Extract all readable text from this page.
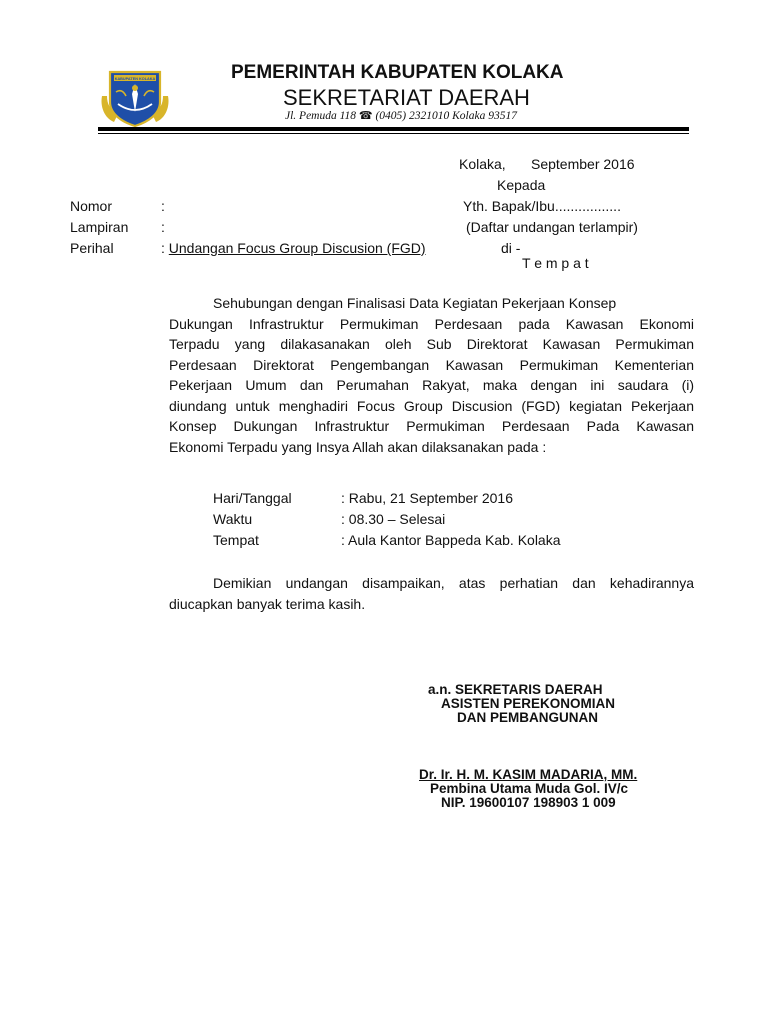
KABUPATEN KOLAKA	PEMERINTAH KABUPATEN KOLAKA
SEKRETARIAT DAERAH
Jl. Pemuda 118 ☎ (0405) 2321010 Kolaka 93517
Kolaka, September 2016
Kepada
Yth. Bapak/Ibu.................
(Daftar undangan terlampir)
di -
T e m p a t
Nomor	:
Lampiran :
Perihal	: Undangan Focus Group Discusion (FGD)
Sehubungan dengan Finalisasi Data Kegiatan Pekerjaan Konsep
Dukungan Infrastruktur Permukiman Perdesaan pada Kawasan Ekonomi
Terpadu yang dilakasanakan oleh Sub Direktorat Kawasan Permukiman
Perdesaan Direktorat Pengembangan Kawasan Permukiman Kementerian
Pekerjaan Umum dan Perumahan Rakyat, maka dengan ini saudara (i)
diundang untuk menghadiri Focus Group Discusion (FGD) kegiatan Pekerjaan
Konsep Dukungan Infrastruktur Permukiman Perdesaan Pada Kawasan
Ekonomi Terpadu yang Insya Allah akan dilaksanakan pada :
Hari/Tanggal	: Rabu, 21 September 2016
Waktu	: 08.30 – Selesai
Tempat	: Aula Kantor Bappeda Kab. Kolaka
Demikian undangan disampaikan, atas perhatian dan kehadirannya
diucapkan banyak terima kasih.
a.n. SEKRETARIS DAERAH
ASISTEN PEREKONOMIAN
DAN PEMBANGUNAN
Dr. Ir. H. M. KASIM MADARIA, MM.
Pembina Utama Muda Gol. IV/c
NIP. 19600107 198903 1 009
